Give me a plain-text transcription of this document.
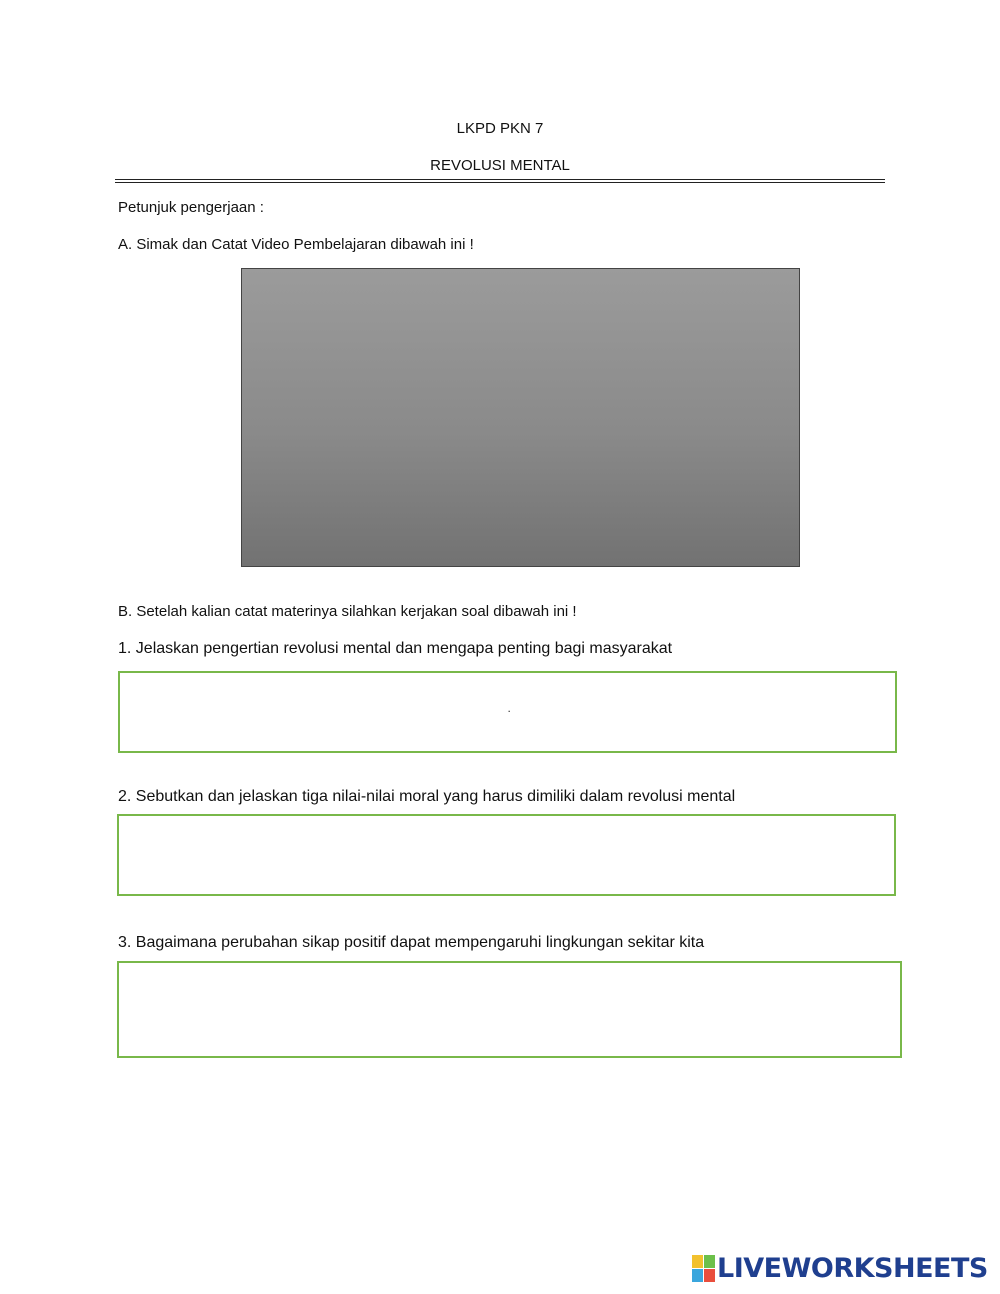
LKPD PKN 7
REVOLUSI MENTAL
Petunjuk pengerjaan :
A. Simak dan Catat Video Pembelajaran dibawah ini !
B. Setelah kalian catat materinya silahkan kerjakan soal dibawah ini !
1. Jelaskan pengertian revolusi mental dan mengapa penting bagi masyarakat
.
2. Sebutkan dan jelaskan tiga nilai-nilai moral yang harus dimiliki dalam revolusi mental
3. Bagaimana perubahan sikap positif dapat mempengaruhi lingkungan sekitar kita
LIVEWORKSHEETS
